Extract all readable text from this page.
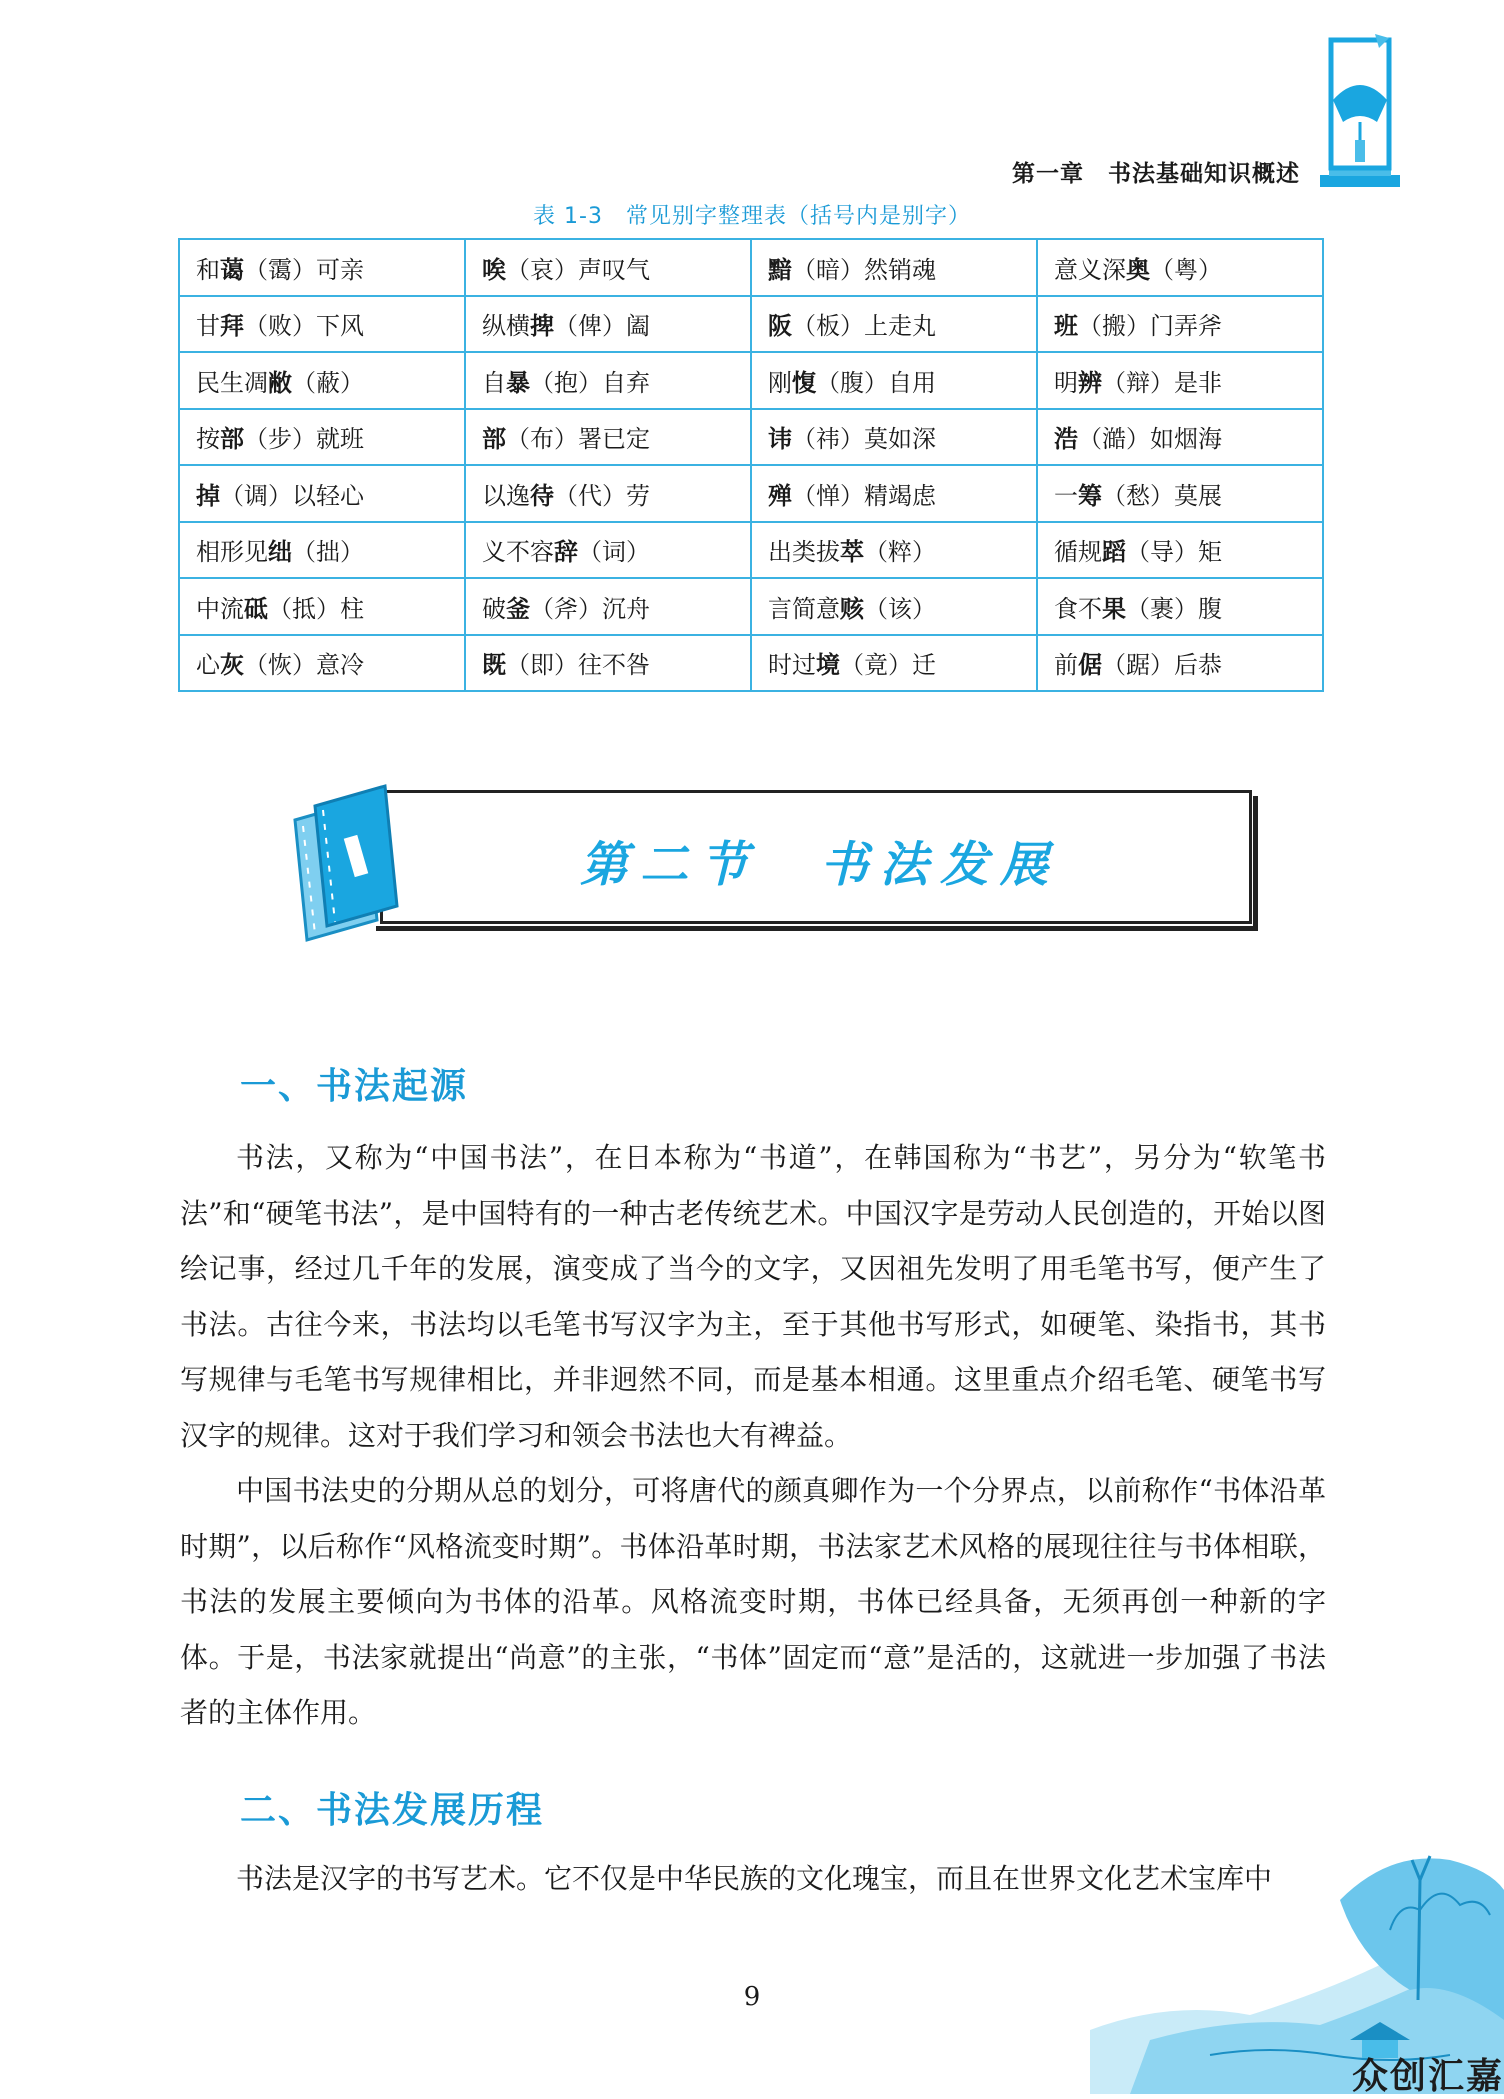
第一章　书法基础知识概述
表 1-3　常见别字整理表（括号内是别字）
和蔼（霭）可亲	唉（哀）声叹气	黯（暗）然销魂	意义深奥（粤）
甘拜（败）下风	纵横捭（俾）阖	阪（板）上走丸	班（搬）门弄斧
民生凋敝（蔽）	自暴（抱）自弃	刚愎（腹）自用	明辨（辩）是非
按部（步）就班	部（布）署已定	讳（祎）莫如深	浩（澔）如烟海
掉（调）以轻心	以逸待（代）劳	殚（惮）精竭虑	一筹（愁）莫展
相形见绌（拙）	义不容辞（词）	出类拔萃（粹）	循规蹈（导）矩
中流砥（抵）柱	破釜（斧）沉舟	言简意赅（该）	食不果（裹）腹
心灰（恢）意冷	既（即）往不咎	时过境（竟）迁	前倨（踞）后恭
第二节　书法发展
一、书法起源

书法，又称为“中国书法”，在日本称为“书道”，在韩国称为“书艺”，另分为“软笔书法”和“硬笔书法”，是中国特有的一种古老传统艺术。中国汉字是劳动人民创造的，开始以图绘记事，经过几千年的发展，演变成了当今的文字，又因祖先发明了用毛笔书写，便产生了书法。古往今来，书法均以毛笔书写汉字为主，至于其他书写形式，如硬笔、染指书，其书写规律与毛笔书写规律相比，并非迥然不同，而是基本相通。这里重点介绍毛笔、硬笔书写汉字的规律。这对于我们学习和领会书法也大有裨益。

中国书法史的分期从总的划分，可将唐代的颜真卿作为一个分界点，以前称作“书体沿革时期”，以后称作“风格流变时期”。书体沿革时期，书法家艺术风格的展现往往与书体相联，书法的发展主要倾向为书体的沿革。风格流变时期，书体已经具备，无须再创一种新的字体。于是，书法家就提出“尚意”的主张，“书体”固定而“意”是活的，这就进一步加强了书法者的主体作用。

二、书法发展历程

书法是汉字的书写艺术。它不仅是中华民族的文化瑰宝，而且在世界文化艺术宝库中

9
众创汇嘉
